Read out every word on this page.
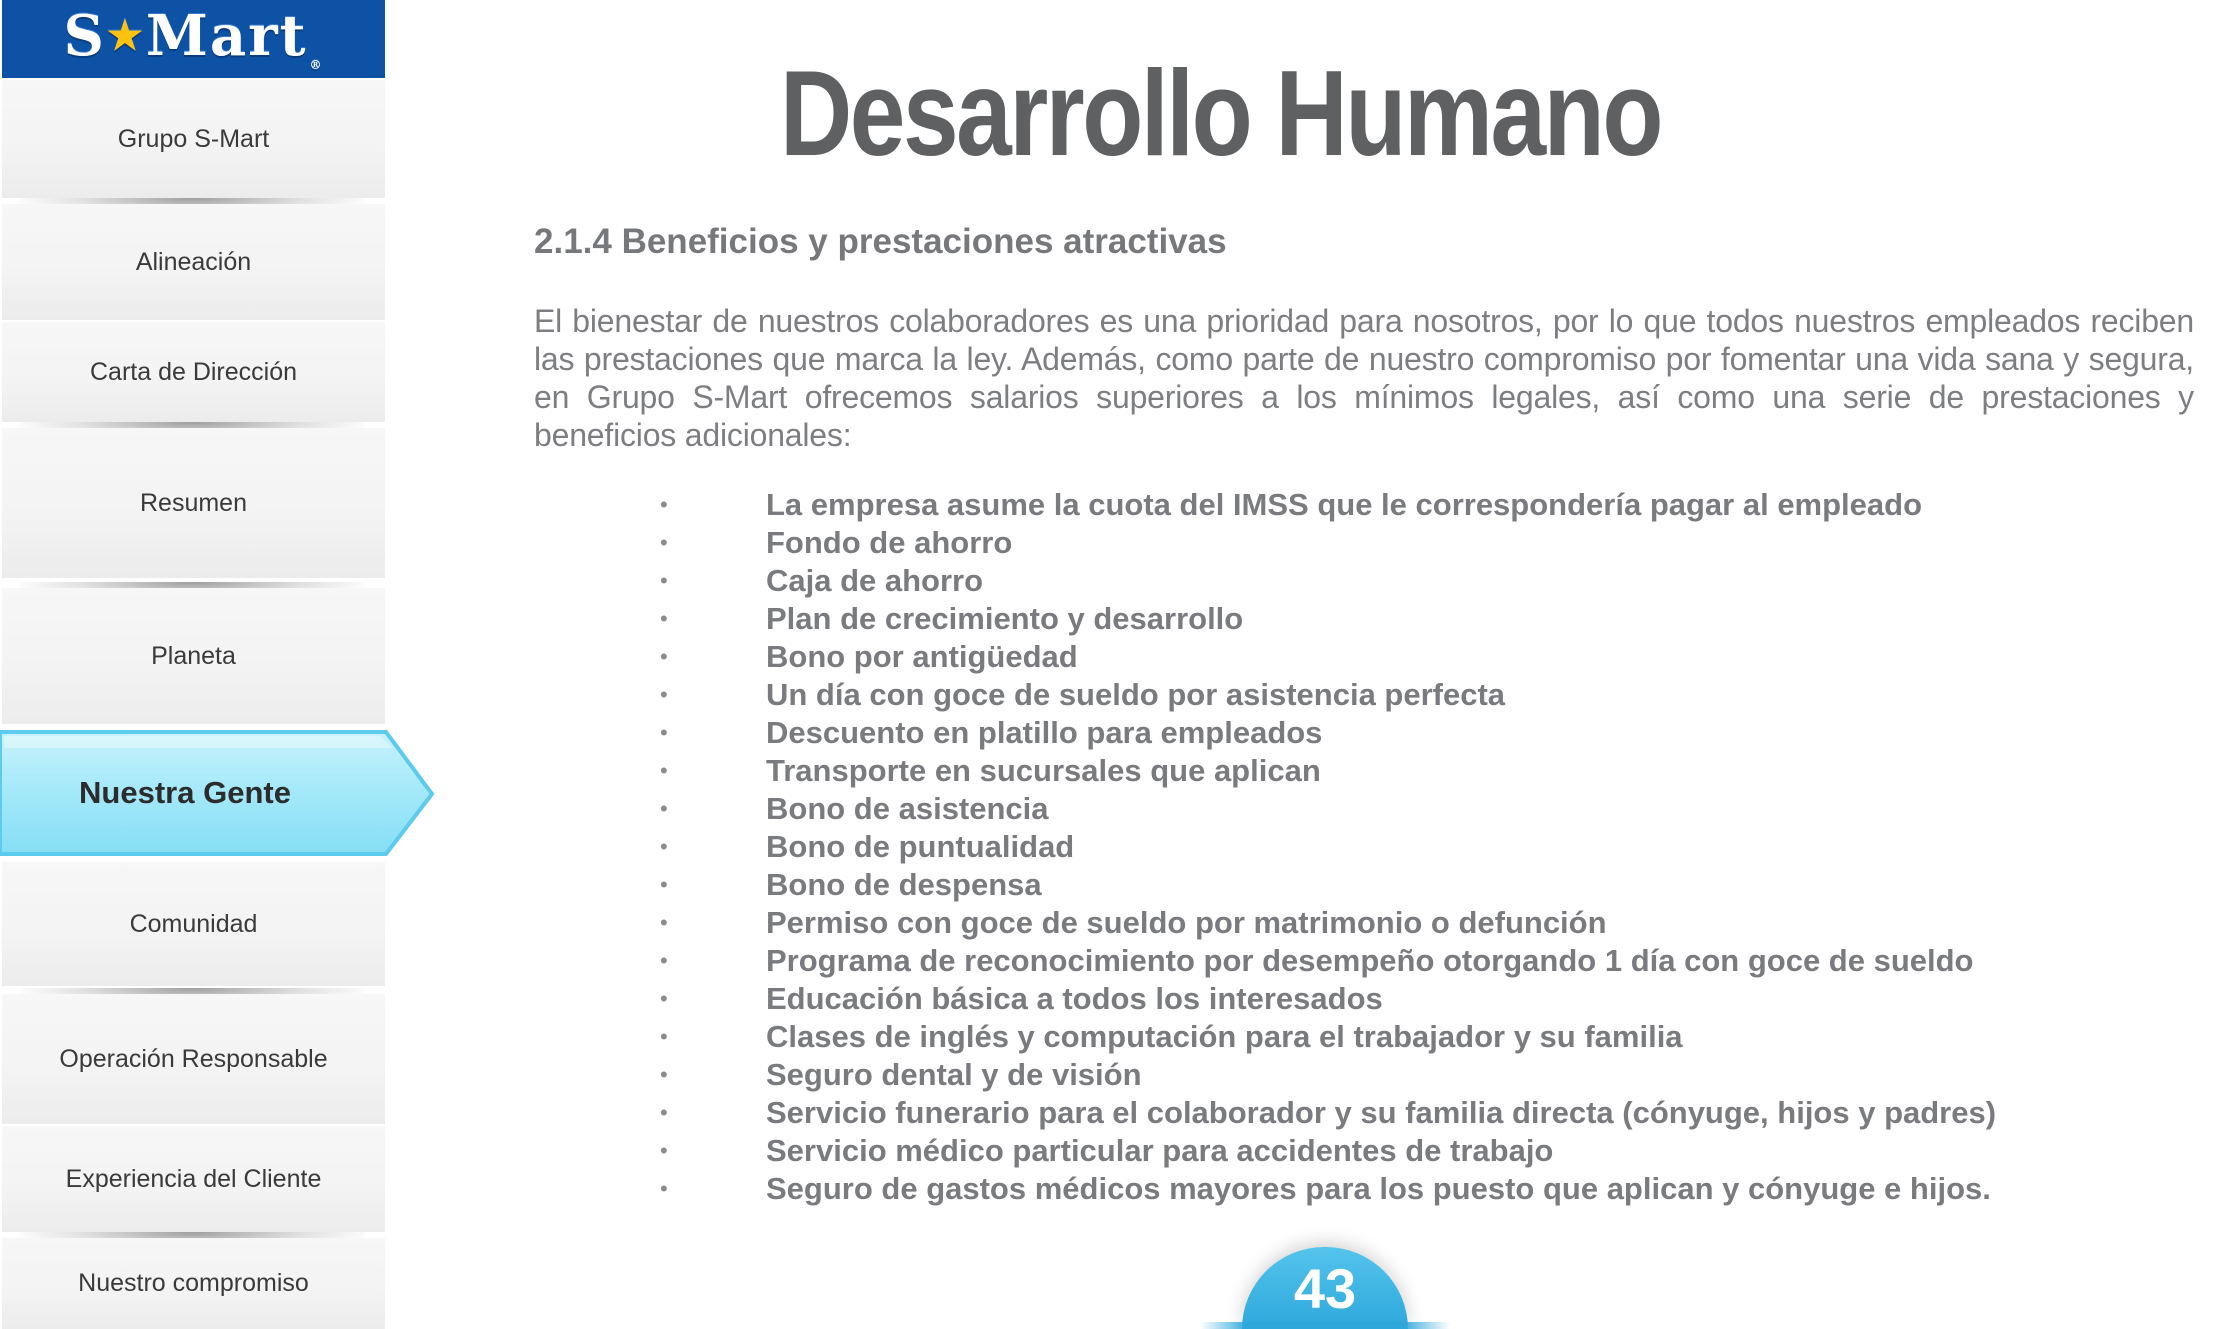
S★Mart $_®$
Grupo S-Mart
Alineación
Carta de Dirección
Resumen
Planeta
Nuestra Gente
Comunidad
Operación Responsable
Experiencia del Cliente
Nuestro compromiso
Desarrollo Humano
2.1.4 Beneficios y prestaciones atractivas

El bienestar de nuestros colaboradores es una prioridad para nosotros, por lo que todos nuestros empleados reciben las prestaciones que marca la ley. Además, como parte de nuestro compromiso por fomentar una vida sana y segura, en Grupo S-Mart ofrecemos salarios superiores a los mínimos legales, así como una serie de prestaciones y beneficios adicionales:

•	La empresa asume la cuota del IMSS que le correspondería pagar al empleado
•	Fondo de ahorro
•	Caja de ahorro
•	Plan de crecimiento y desarrollo
•	Bono por antigüedad
•	Un día con goce de sueldo por asistencia perfecta
•	Descuento en platillo para empleados
•	Transporte en sucursales que aplican
•	Bono de asistencia
•	Bono de puntualidad
•	Bono de despensa
•	Permiso con goce de sueldo por matrimonio o defunción
•	Programa de reconocimiento por desempeño otorgando 1 día con goce de sueldo
•	Educación básica a todos los interesados
•	Clases de inglés y computación para el trabajador y su familia
•	Seguro dental y de visión
•	Servicio funerario para el colaborador y su familia directa (cónyuge, hijos y padres)
•	Servicio médico particular para accidentes de trabajo
•	Seguro de gastos médicos mayores para los puesto que aplican y cónyuge e hijos.
43
